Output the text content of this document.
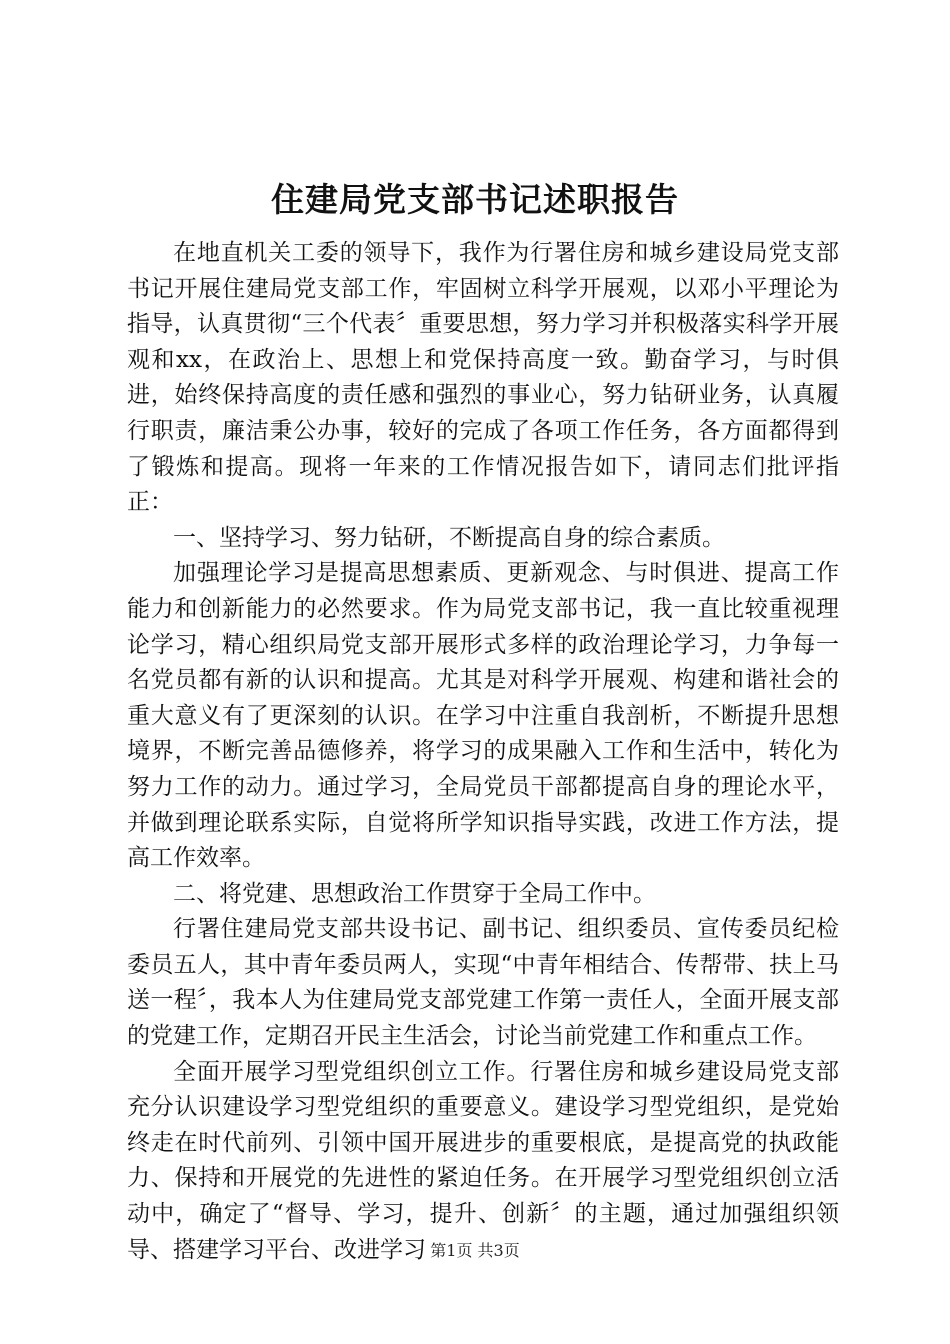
住建局党支部书记述职报告

在地直机关工委的领导下，我作为行署住房和城乡建设局党支部书记开展住建局党支部工作，牢固树立科学开展观，以邓小平理论为指导，认真贯彻“三个代表〞重要思想，努力学习并积极落实科学开展观和xx，在政治上、思想上和党保持高度一致。勤奋学习，与时俱进，始终保持高度的责任感和强烈的事业心，努力钻研业务，认真履行职责，廉洁秉公办事，较好的完成了各项工作任务，各方面都得到了锻炼和提高。现将一年来的工作情况报告如下，请同志们批评指正：

一、坚持学习、努力钻研，不断提高自身的综合素质。

加强理论学习是提高思想素质、更新观念、与时俱进、提高工作能力和创新能力的必然要求。作为局党支部书记，我一直比较重视理论学习，精心组织局党支部开展形式多样的政治理论学习，力争每一名党员都有新的认识和提高。尤其是对科学开展观、构建和谐社会的重大意义有了更深刻的认识。在学习中注重自我剖析，不断提升思想境界，不断完善品德修养，将学习的成果融入工作和生活中，转化为努力工作的动力。通过学习，全局党员干部都提高自身的理论水平，并做到理论联系实际，自觉将所学知识指导实践，改进工作方法，提高工作效率。

二、将党建、思想政治工作贯穿于全局工作中。

行署住建局党支部共设书记、副书记、组织委员、宣传委员纪检委员五人，其中青年委员两人，实现“中青年相结合、传帮带、扶上马送一程〞，我本人为住建局党支部党建工作第一责任人，全面开展支部的党建工作，定期召开民主生活会，讨论当前党建工作和重点工作。

全面开展学习型党组织创立工作。行署住房和城乡建设局党支部充分认识建设学习型党组织的重要意义。建设学习型党组织，是党始终走在时代前列、引领中国开展进步的重要根底，是提高党的执政能力、保持和开展党的先进性的紧迫任务。在开展学习型党组织创立活动中，确定了“督导、学习，提升、创新〞的主题，通过加强组织领导、搭建学习平台、改进学习 第1页 共3页
